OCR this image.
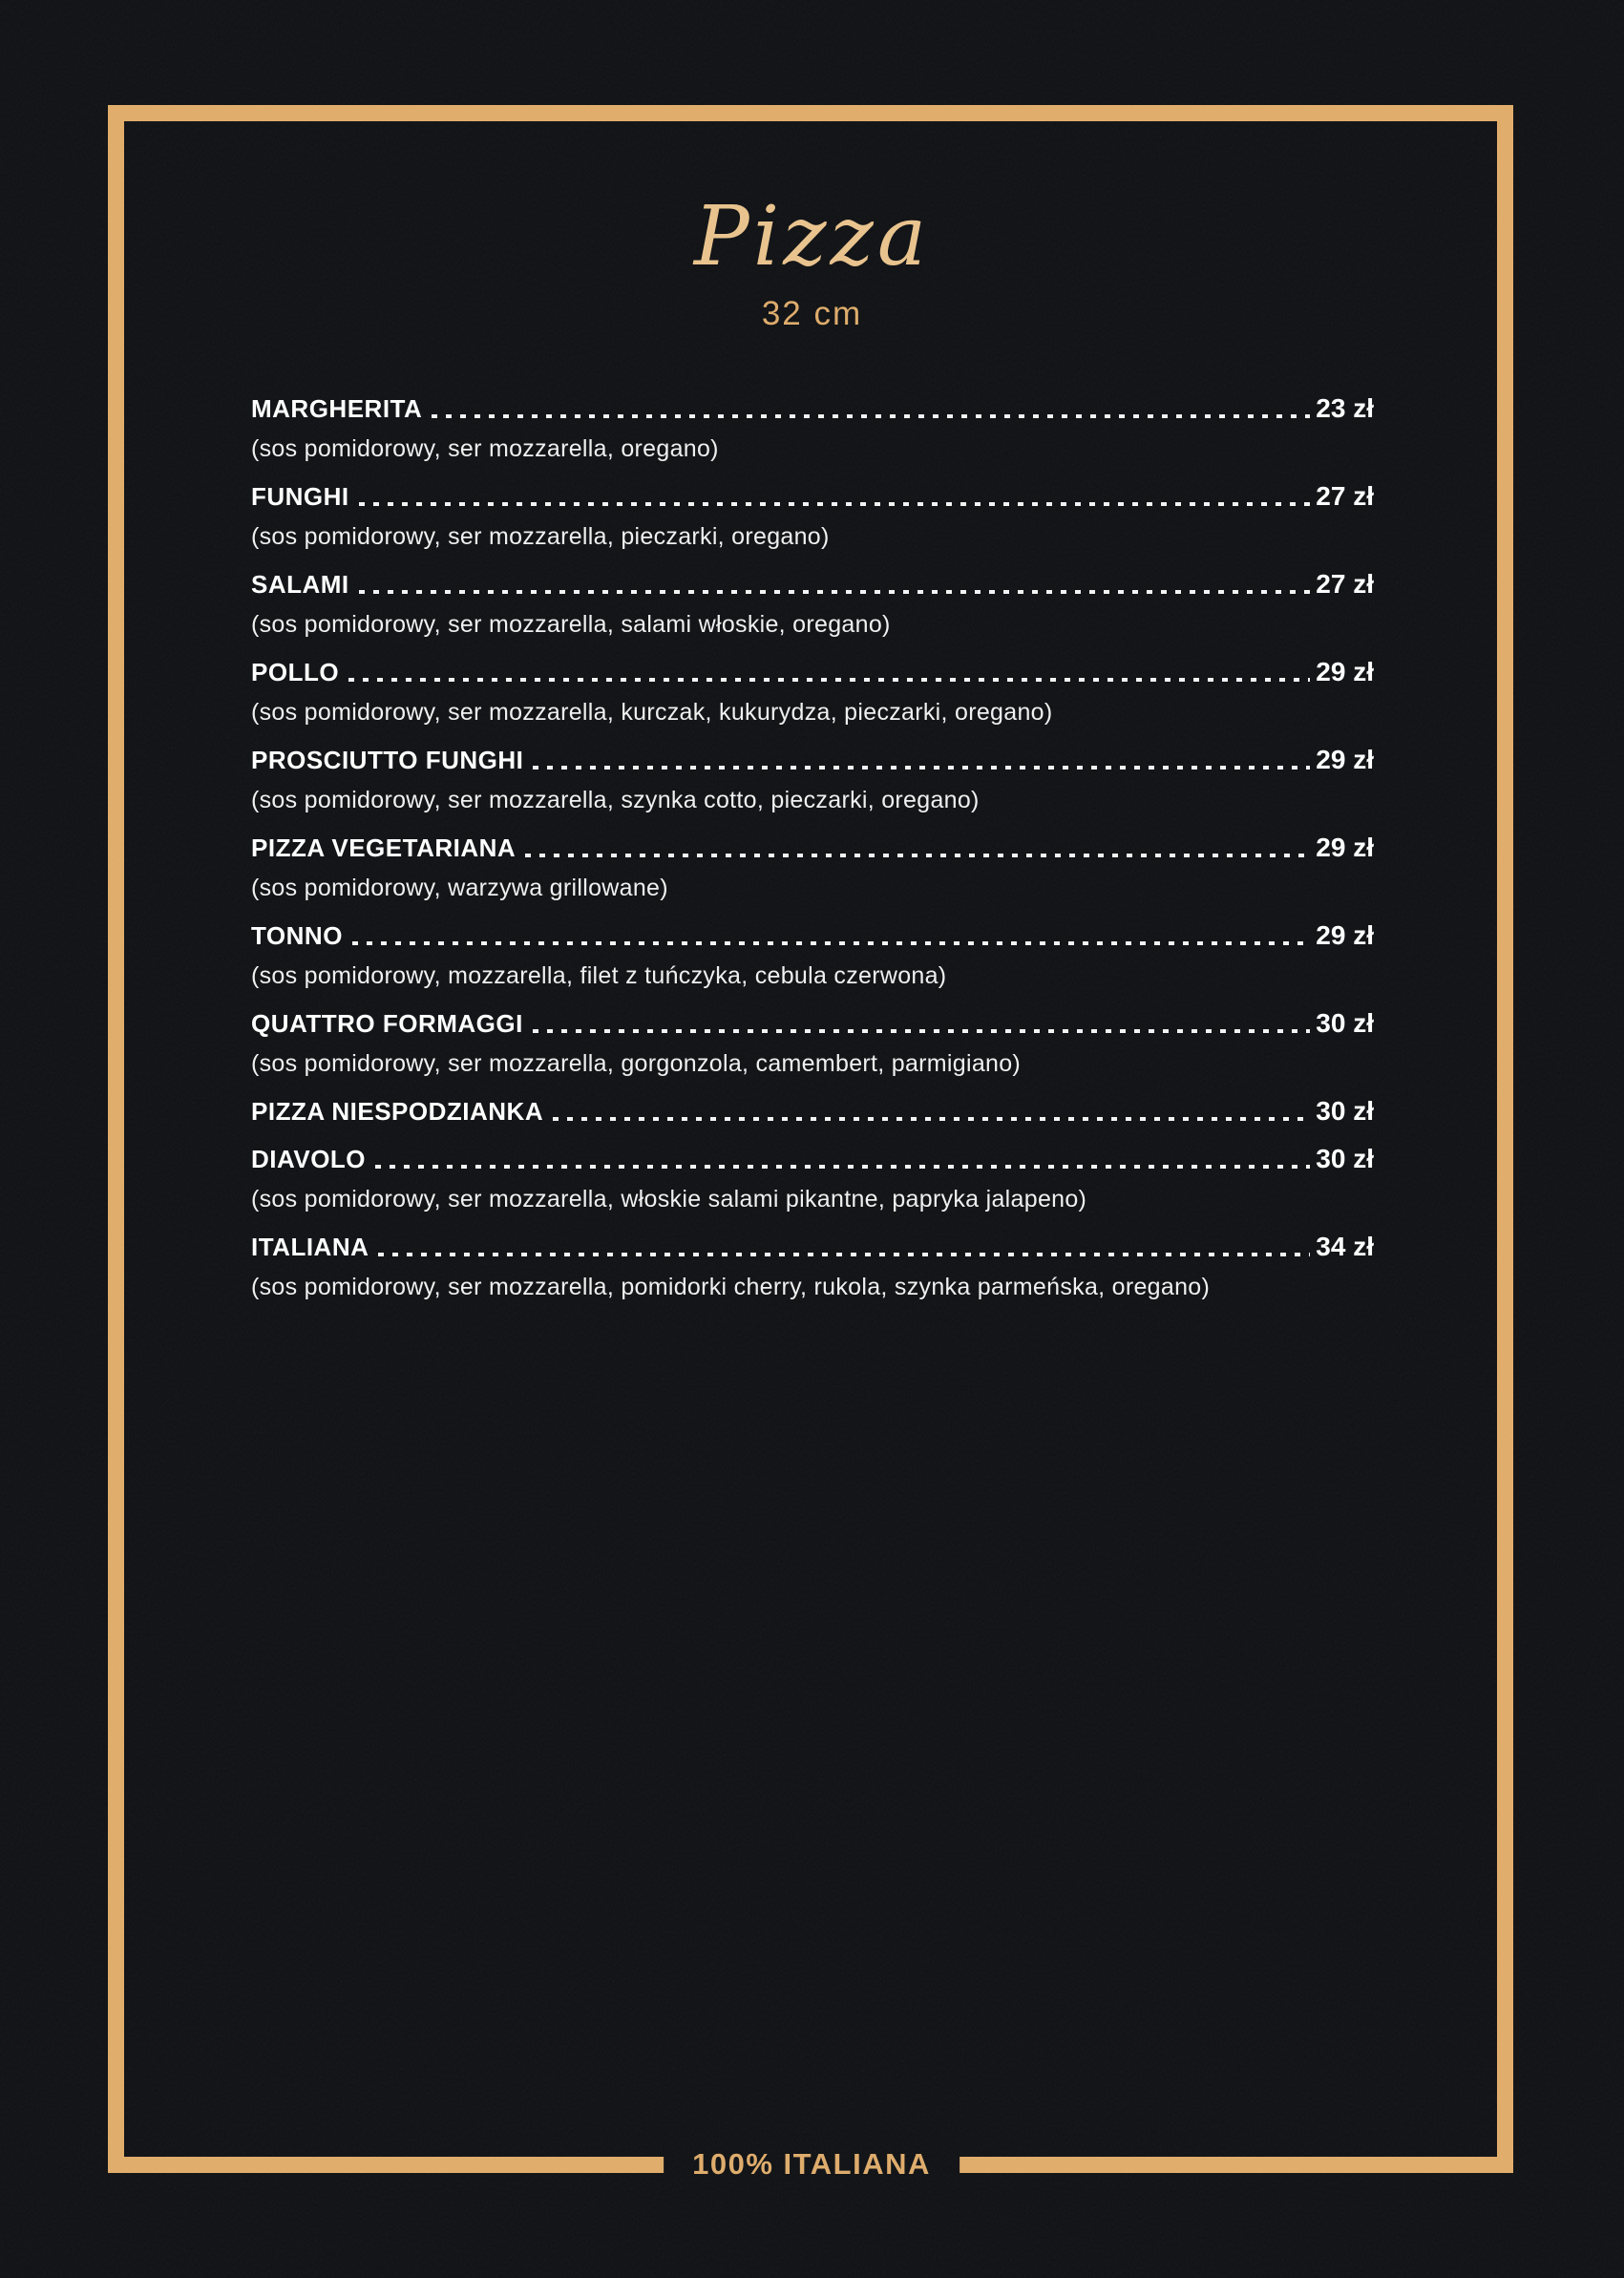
Pizza
32 cm
MARGHERITA	23 zł
(sos pomidorowy, ser mozzarella, oregano)
FUNGHI	27 zł
(sos pomidorowy, ser mozzarella, pieczarki, oregano)
SALAMI	27 zł
(sos pomidorowy, ser mozzarella, salami włoskie, oregano)
POLLO	29 zł
(sos pomidorowy, ser mozzarella, kurczak, kukurydza, pieczarki, oregano)
PROSCIUTTO FUNGHI	29 zł
(sos pomidorowy, ser mozzarella, szynka cotto, pieczarki, oregano)
PIZZA VEGETARIANA	29 zł
(sos pomidorowy, warzywa grillowane)
TONNO	29 zł
(sos pomidorowy, mozzarella, filet z tuńczyka, cebula czerwona)
QUATTRO FORMAGGI	30 zł
(sos pomidorowy, ser mozzarella, gorgonzola, camembert, parmigiano)
PIZZA NIESPODZIANKA	30 zł
DIAVOLO	30 zł
(sos pomidorowy, ser mozzarella, włoskie salami pikantne, papryka jalapeno)
ITALIANA	34 zł
(sos pomidorowy, ser mozzarella, pomidorki cherry, rukola, szynka parmeńska, oregano)
100% ITALIANA
